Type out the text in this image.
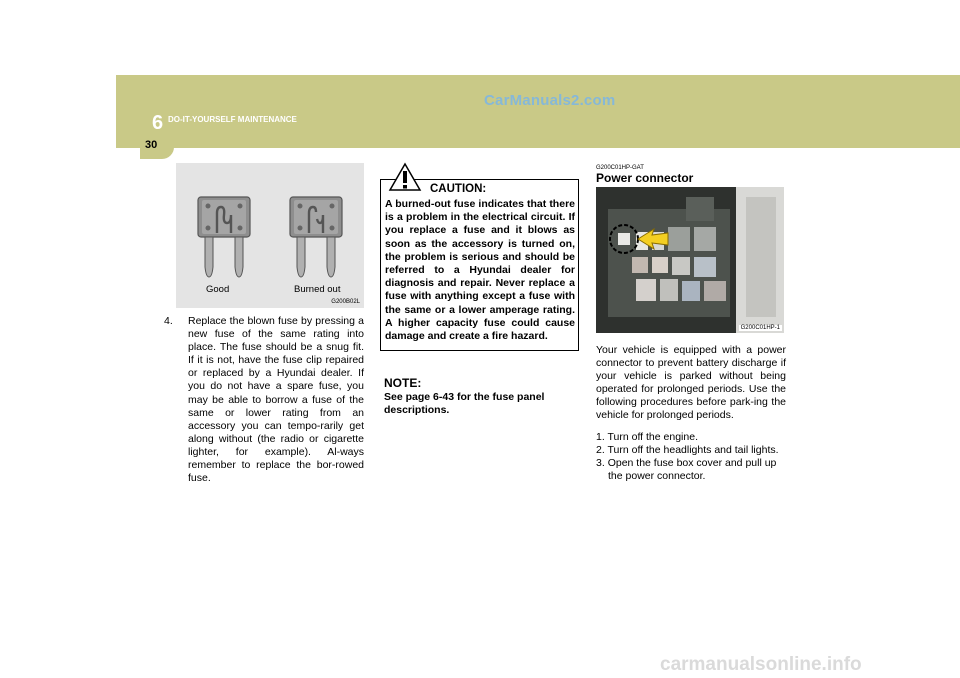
6 DO-IT-YOURSELF MAINTENANCE
30
CarManuals2.com
Good	Burned out
G200B02L

4. Replace the blown fuse by pressing a new fuse of the same rating into place. The fuse should be a snug fit. If it is not, have the fuse clip repaired or replaced by a Hyundai dealer. If you do not have a spare fuse, you may be able to borrow a fuse of the same or lower rating from an accessory you can tempo-rarily get along without (the radio or cigarette lighter, for example). Al-ways remember to replace the bor-rowed fuse.

CAUTION:

A burned-out fuse indicates that there is a problem in the electrical circuit. If you replace a fuse and it blows as soon as the accessory is turned on, the problem is serious and should be referred to a Hyundai dealer for diagnosis and repair. Never replace a fuse with anything except a fuse with the same or a lower amperage rating. A higher capacity fuse could cause damage and create a fire hazard.

NOTE:

See page 6-43 for the fuse panel descriptions.

G200C01HP-GAT
Power connector
G200C01HP-1

Your vehicle is equipped with a power connector to prevent battery discharge if your vehicle is parked without being operated for prolonged periods. Use the following procedures before park-ing the vehicle for prolonged periods.

1. Turn off the engine.
2. Turn off the headlights and tail lights.
3. Open the fuse box cover and pull up the power connector.
carmanualsonline.info
